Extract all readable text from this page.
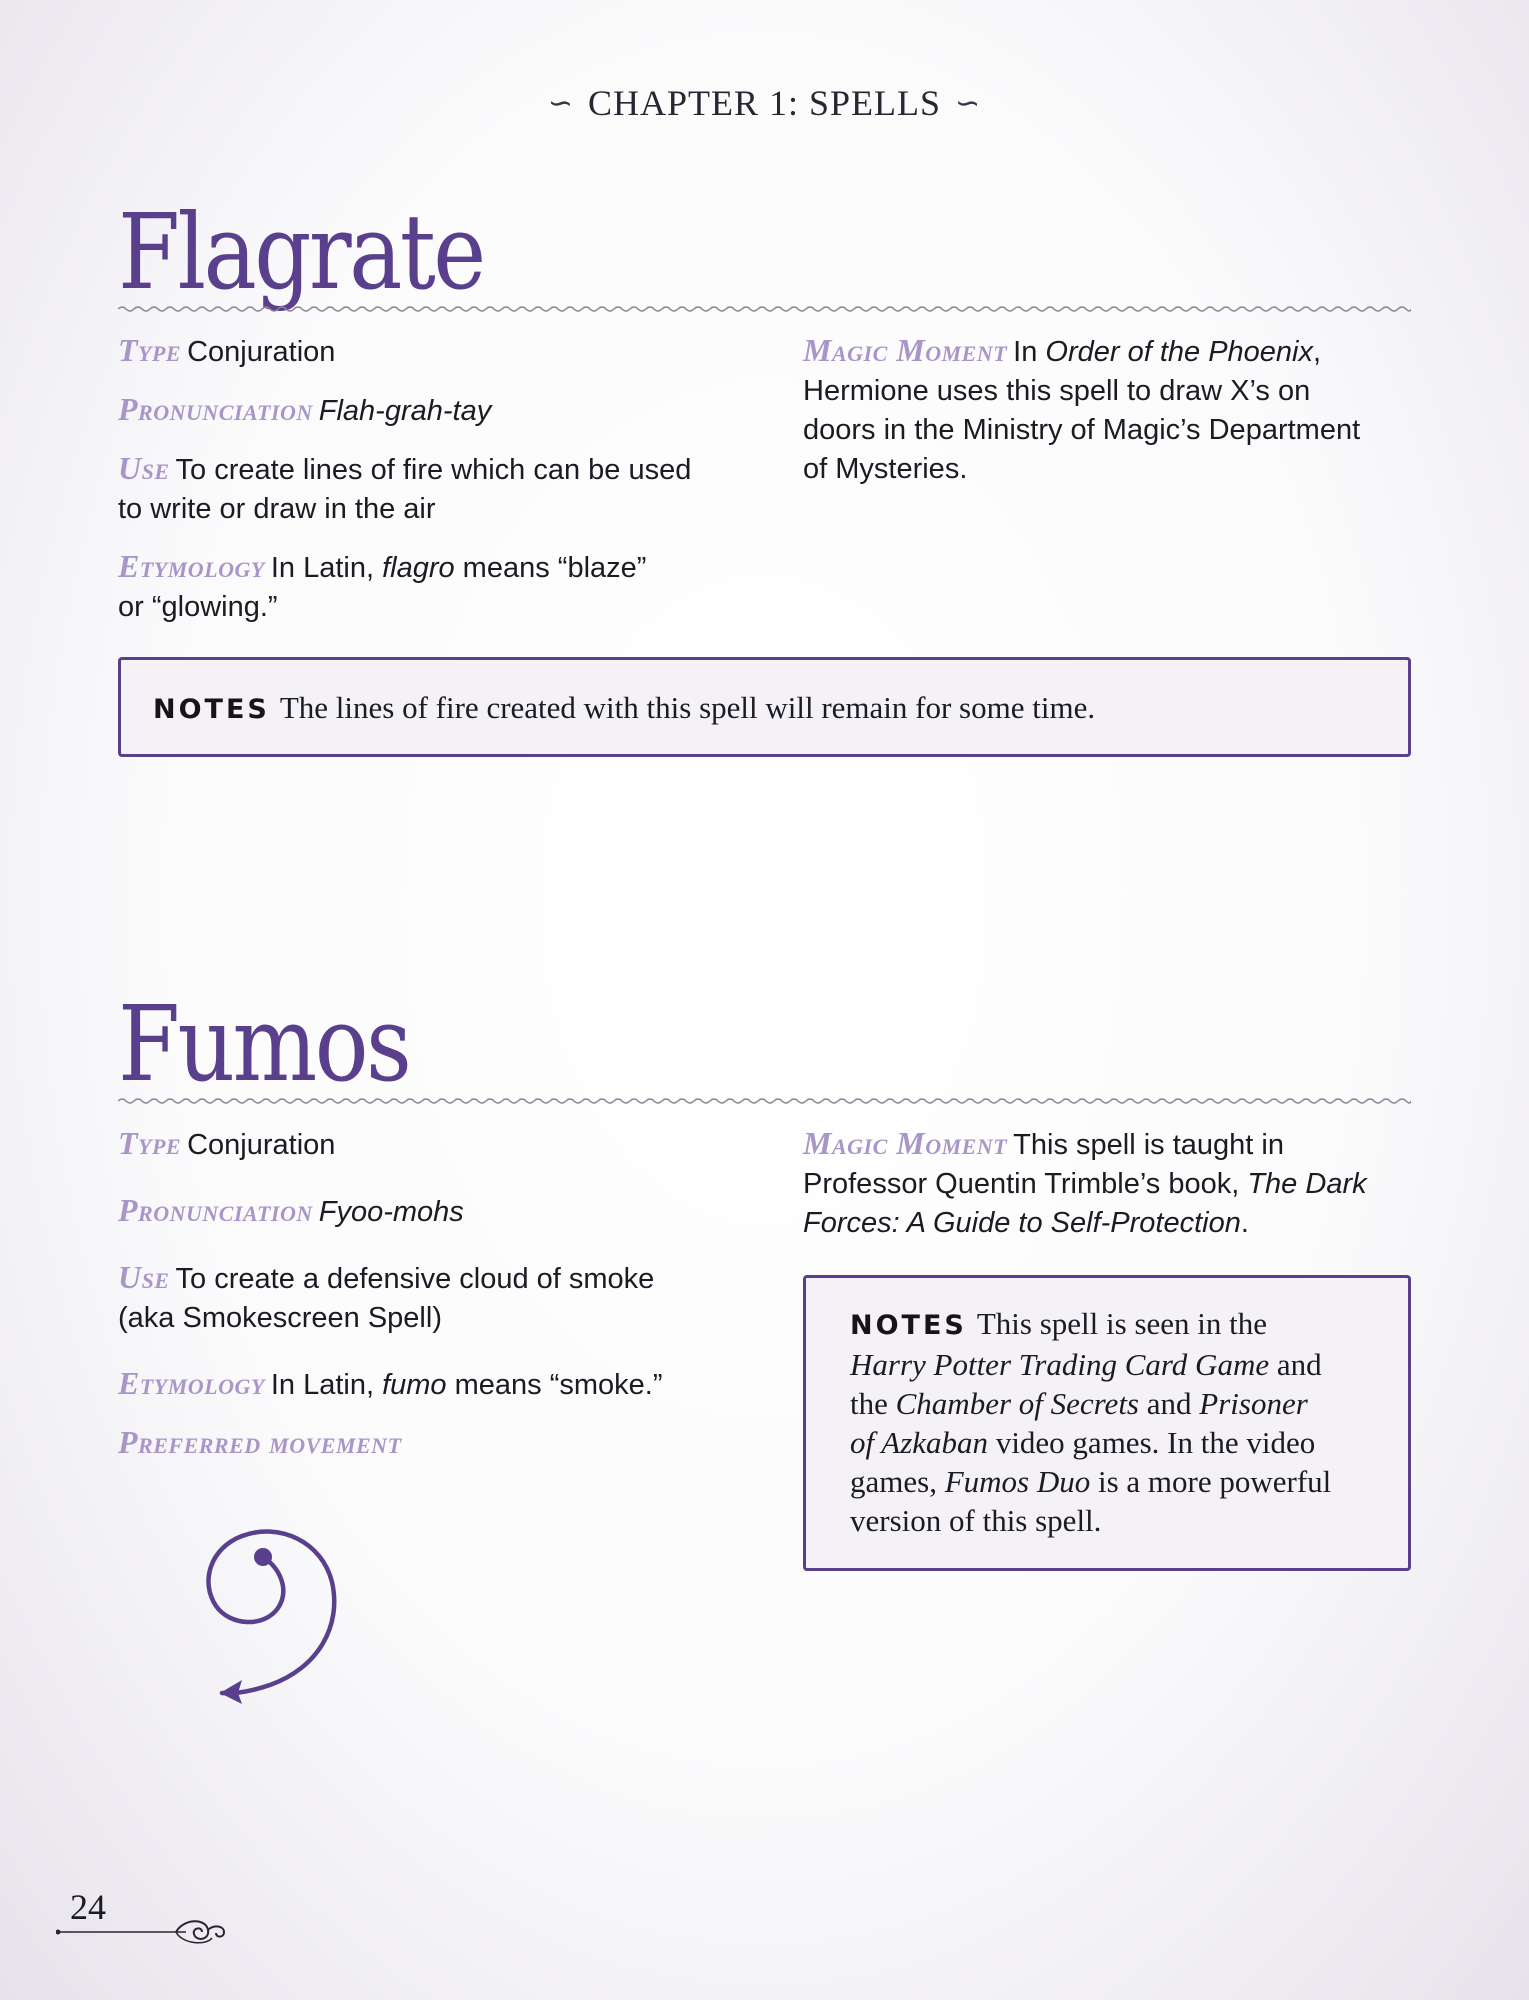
∽ CHAPTER 1: SPELLS ∽
Flagrate
Type Conjuration
Pronunciation Flah-grah-tay
Use To create lines of fire which can be used
to write or draw in the air
Etymology In Latin, flagro means “blaze”
or “glowing.”
Magic Moment In Order of the Phoenix,
Hermione uses this spell to draw X’s on
doors in the Ministry of Magic’s Department
of Mysteries.
NOTES The lines of fire created with this spell will remain for some time.
Fumos
Type Conjuration
Pronunciation Fyoo-mohs
Use To create a defensive cloud of smoke
(aka Smokescreen Spell)
Etymology In Latin, fumo means “smoke.”
Preferred movement
Magic Moment This spell is taught in
Professor Quentin Trimble’s book, The Dark
Forces: A Guide to Self-Protection.
NOTES This spell is seen in the
Harry Potter Trading Card Game and
the Chamber of Secrets and Prisoner
of Azkaban video games. In the video
games, Fumos Duo is a more powerful
version of this spell.
24
